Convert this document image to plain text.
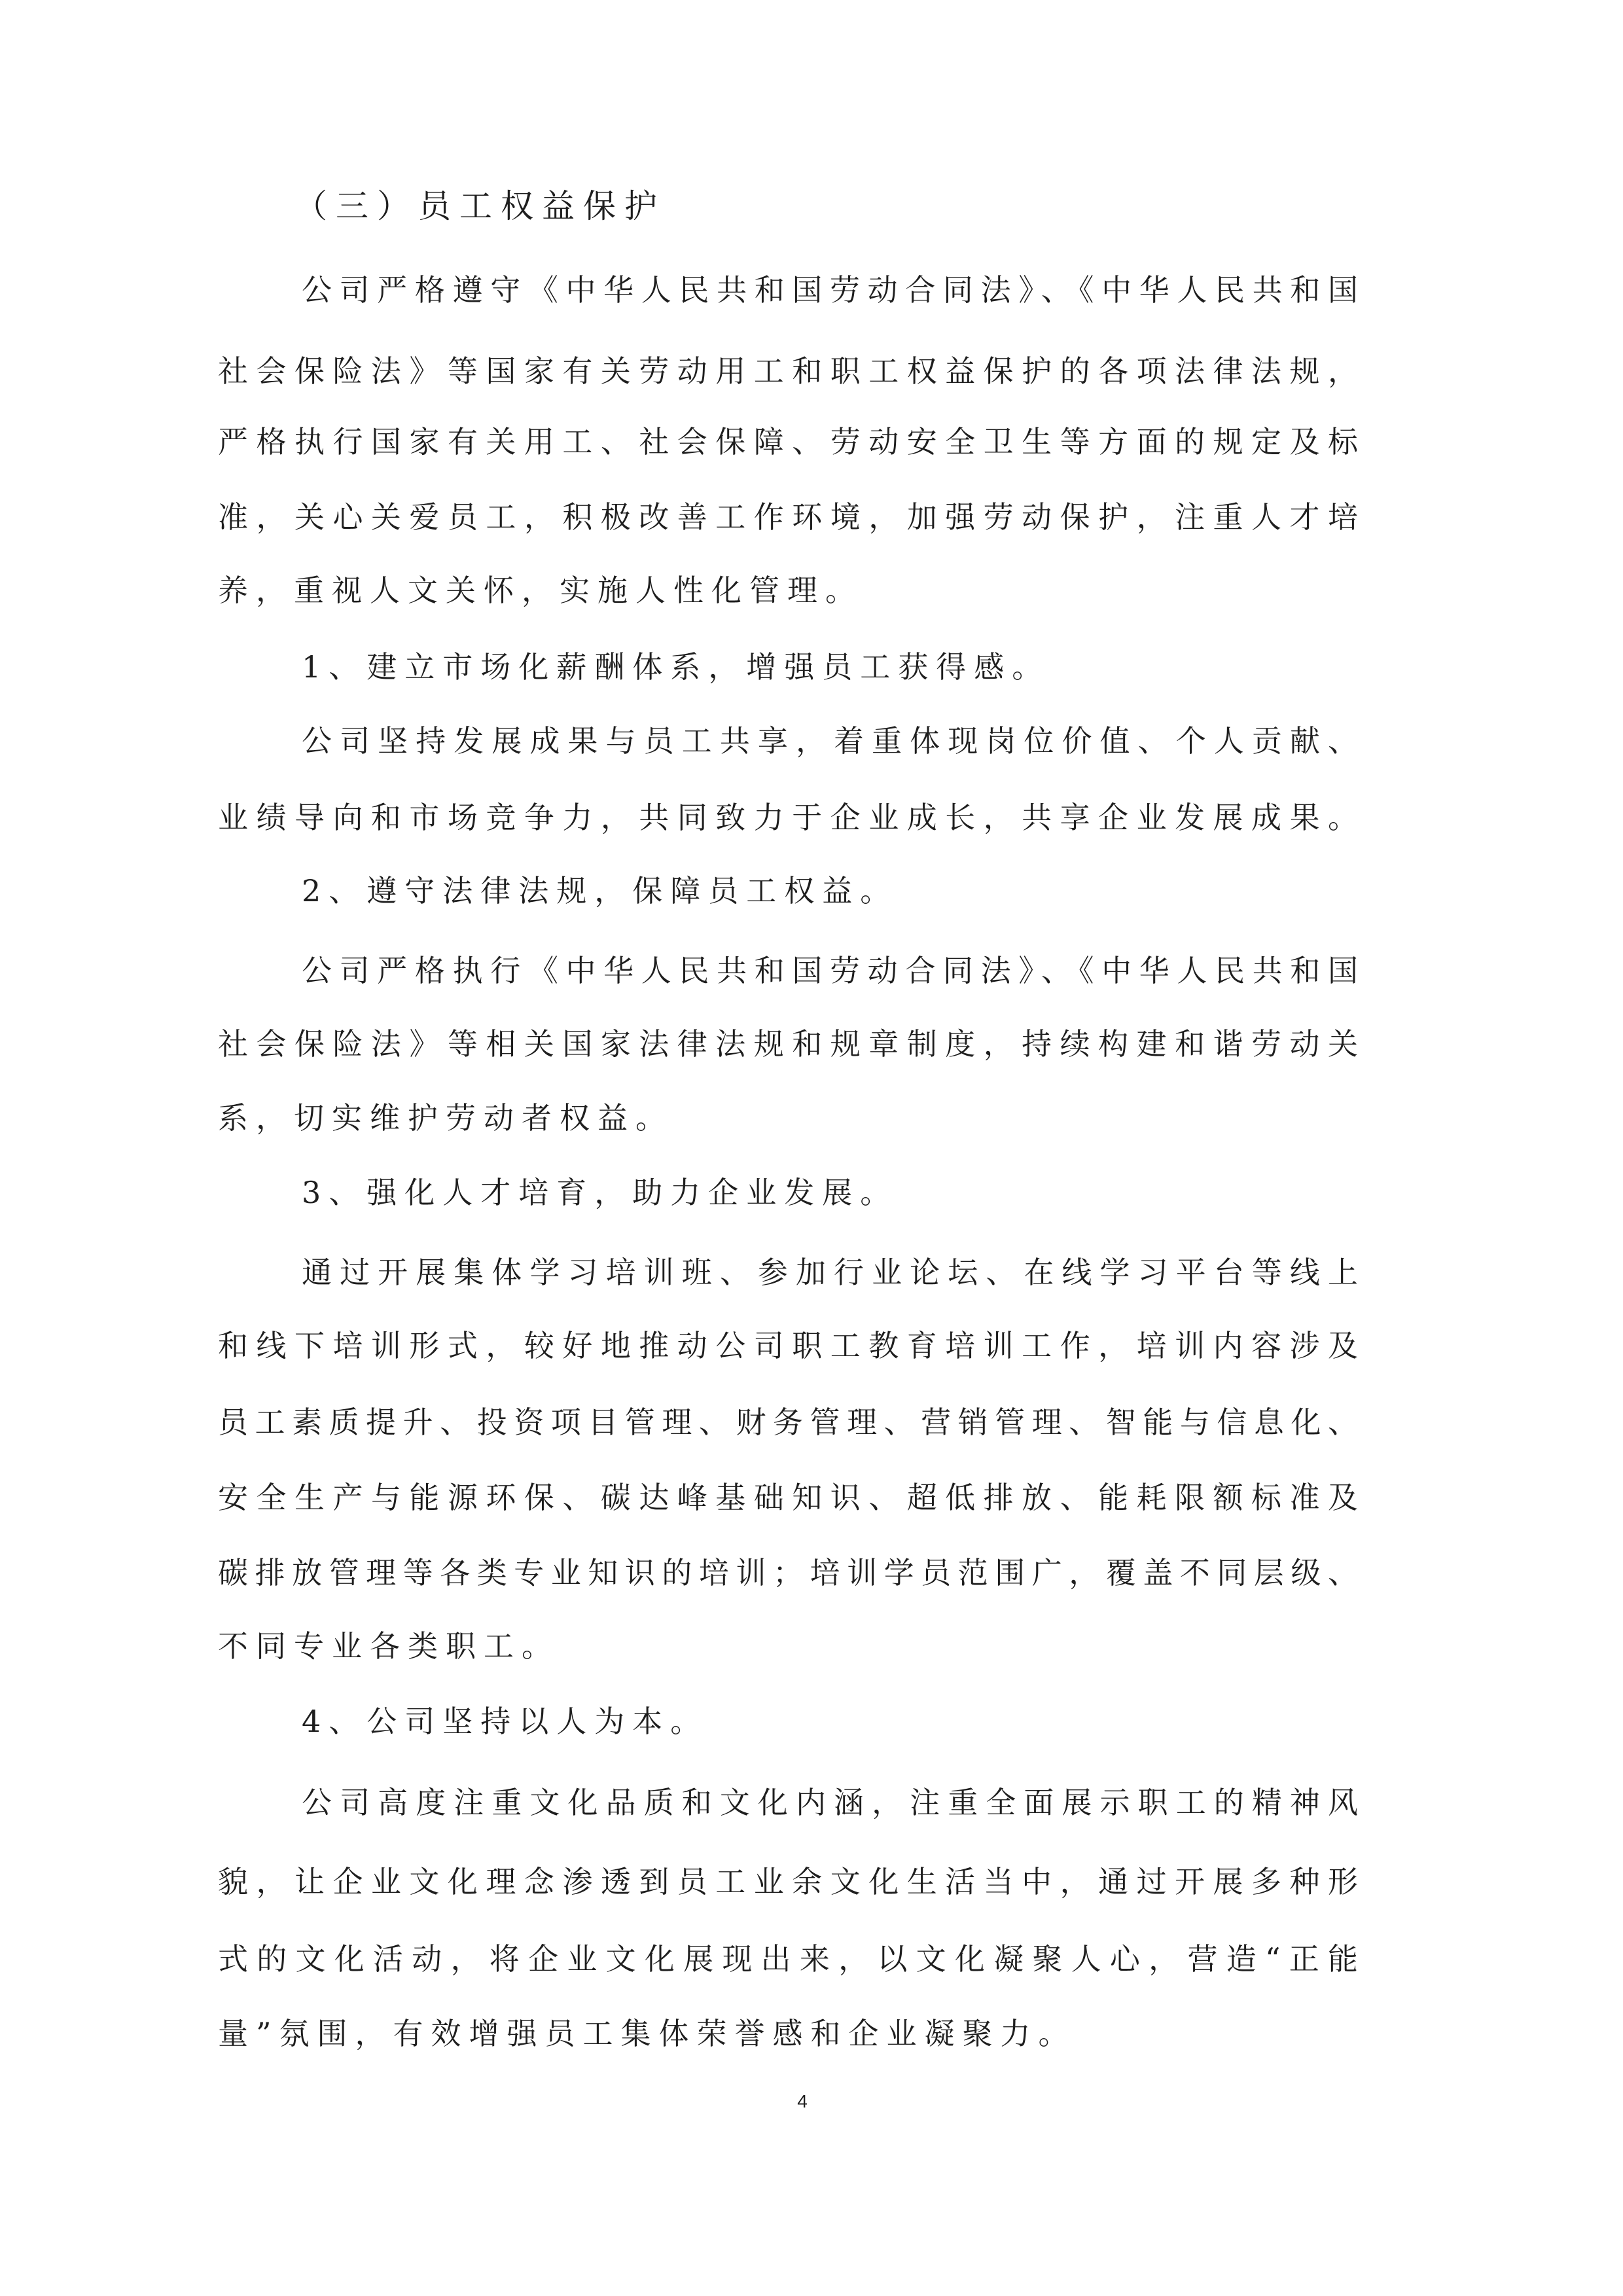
（三）员工权益保护
公司严格遵守《中华人民共和国劳动合同法》、《中华人民共和国
社会保险法》等国家有关劳动用工和职工权益保护的各项法律法规，
严格执行国家有关用工、社会保障、劳动安全卫生等方面的规定及标
准，关心关爱员工，积极改善工作环境，加强劳动保护，注重人才培
养，重视人文关怀，实施人性化管理。
1、建立市场化薪酬体系，增强员工获得感。
公司坚持发展成果与员工共享，着重体现岗位价值、个人贡献、
业绩导向和市场竞争力，共同致力于企业成长，共享企业发展成果。
2、遵守法律法规，保障员工权益。
公司严格执行《中华人民共和国劳动合同法》、《中华人民共和国
社会保险法》等相关国家法律法规和规章制度，持续构建和谐劳动关
系，切实维护劳动者权益。
3、强化人才培育，助力企业发展。
通过开展集体学习培训班、参加行业论坛、在线学习平台等线上
和线下培训形式，较好地推动公司职工教育培训工作，培训内容涉及
员工素质提升、投资项目管理、财务管理、营销管理、智能与信息化、
安全生产与能源环保、碳达峰基础知识、超低排放、能耗限额标准及
碳排放管理等各类专业知识的培训；培训学员范围广，覆盖不同层级、
不同专业各类职工。
4、公司坚持以人为本。
公司高度注重文化品质和文化内涵，注重全面展示职工的精神风
貌，让企业文化理念渗透到员工业余文化生活当中，通过开展多种形
式的文化活动，将企业文化展现出来，以文化凝聚人心，营造“正能
量”氛围，有效增强员工集体荣誉感和企业凝聚力。
4
